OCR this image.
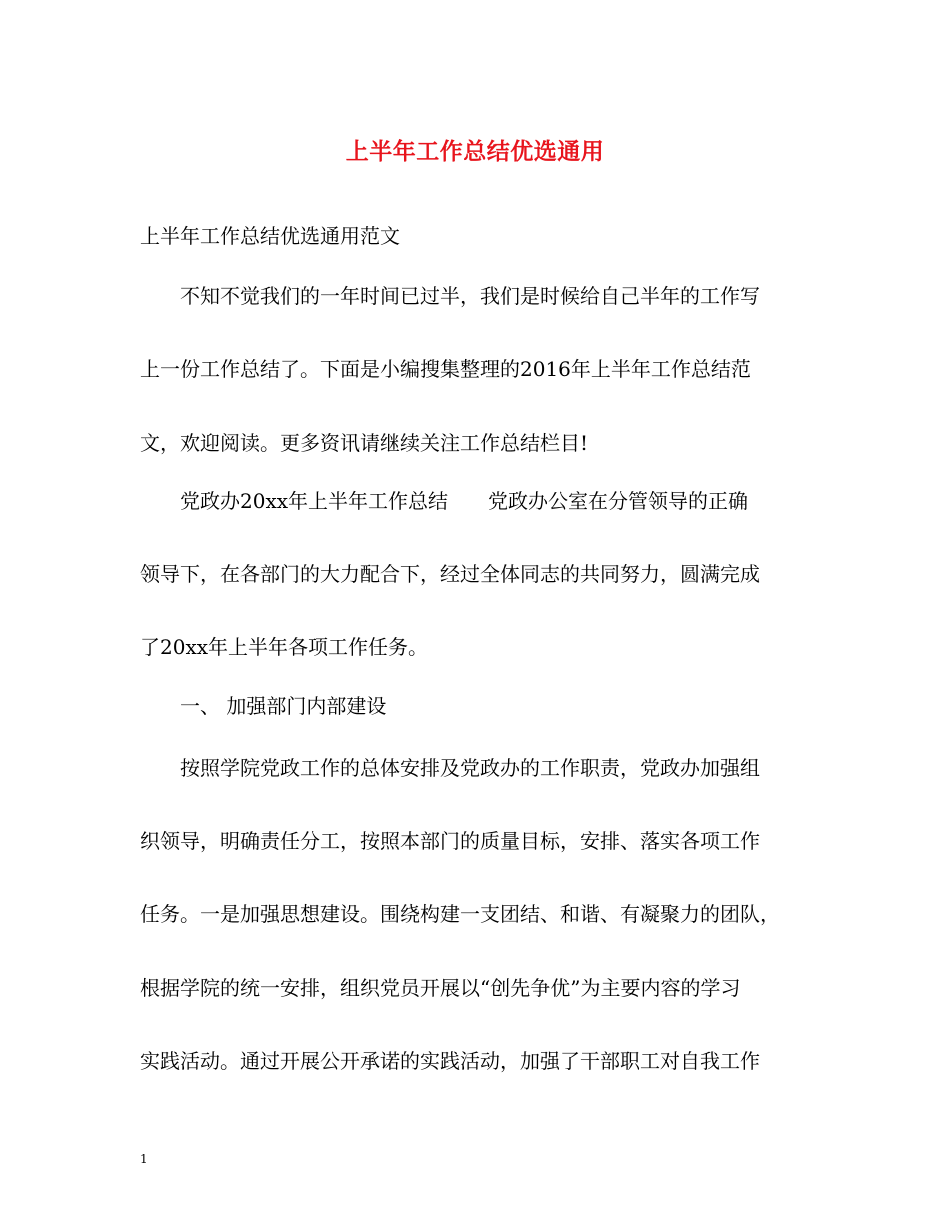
上半年工作总结优选通用
上半年工作总结优选通用范文
不知不觉我们的一年时间已过半，我们是时候给自己半年的工作写
上一份工作总结了。下面是小编搜集整理的2016年上半年工作总结范
文，欢迎阅读。更多资讯请继续关注工作总结栏目!
党政办20xx年上半年工作总结 党政办公室在分管领导的正确
领导下，在各部门的大力配合下，经过全体同志的共同努力，圆满完成
了20xx年上半年各项工作任务。
一、 加强部门内部建设
按照学院党政工作的总体安排及党政办的工作职责，党政办加强组
织领导，明确责任分工，按照本部门的质量目标，安排、落实各项工作
任务。一是加强思想建设。围绕构建一支团结、和谐、有凝聚力的团队，
根据学院的统一安排，组织党员开展以“创先争优”为主要内容的学习
实践活动。通过开展公开承诺的实践活动，加强了干部职工对自我工作
1
